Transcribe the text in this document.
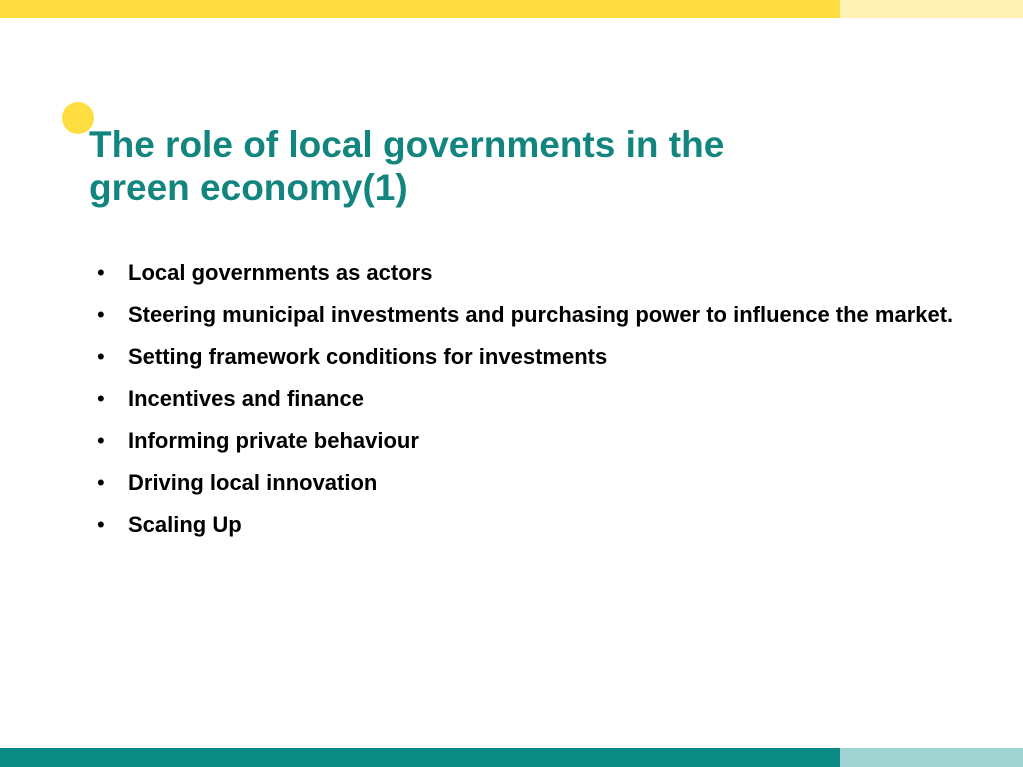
The role of local governments in the
green economy(1)
• Local governments as actors
• Steering municipal investments and purchasing power to influence the market.
• Setting framework conditions for investments
• Incentives and finance
• Informing private behaviour
• Driving local innovation
• Scaling Up
